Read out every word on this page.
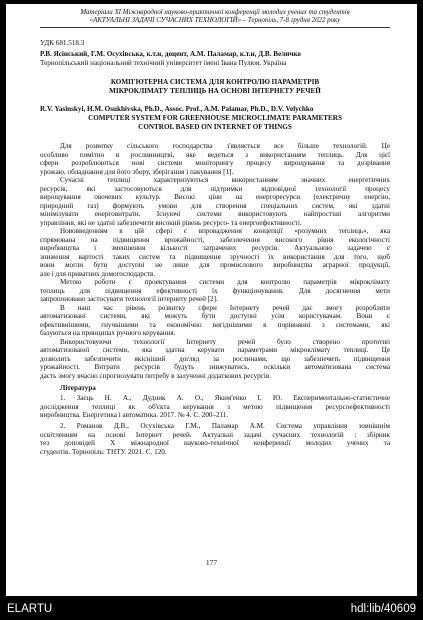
Матеріали XІ Міжнародної науково-практичної конференції молодих учених та студентів
«АКТУАЛЬНІ ЗАДАЧІ СУЧАСНИХ ТЕХНОЛОГІЙ» – Тернопіль, 7-8 грудня 2022 року
УДК 681.518.3
Р.В. Ясінський, Г.М. Осухівська, к.т.н, доцент, А.М. Паламар, к.т.н, Д.В. Величко
Тернопільський національний технічний університет імені Івана Пулюя, Україна
КОМП'ЮТЕРНА СИСТЕМА ДЛЯ КОНТРОЛЮ ПАРАМЕТРІВ
МІКРОКЛІМАТУ ТЕПЛИЦЬ НА ОСНОВІ ІНТЕРНЕТУ РЕЧЕЙ
R.V. Yasinskyi, H.M. Osukhivska, Ph.D., Assoc. Prof., A.M. Palamar, Ph.D., D.V. Velychko
COMPUTER SYSTEM FOR GREENHOUSE MICROCLIMATE PARAMETERS
CONTROL BASED ON INTERNET OF THINGS
Для розвитку сільського господарства з'являється все більше технологій. Це
особливо помітно в рослинництві, яке ведеться з використанням теплиць. Для цієї
сфери розроблюються нові системи моніторингу процесу вирощування та дозрівання
урожаю, обладнання для його збору, зберігання і пакування [1].
Сучасні теплиці характеризуються використанням значних енергетичних
ресурсів, які застосовуються для підтримки відповідної технології процесу
вирощування овочевих культур. Високі ціни на енергоресурси (електричну енергію,
природний газ) формують умови для створення спеціальних систем, які здатні
мінімізувати енерговитрати. Існуючі системи використовують найпростіші алгоритми
управління, які не здатні забезпечити високий рівень ресурсо- та енергоефективності.
Нововведенням в цій сфері є впровадження концепції «розумних теплиць», яка
спрямована на підвищення врожайності, забезпечення високого рівня екологічності
виробництва і зменшення кількості затрачених ресурсів. Актуальною задачею є
зниження вартості таких систем та підвищення зручності їх використання для того, щоб
вони могли бути доступні не лише для промислового виробництва аграрної продукції,
але і для приватних домогосподарств.
Метою роботи є проектування системи для контролю параметрів мікроклімату
теплиць для підвищення ефективності їх функціонування. Для досягнення мети
запропоновано застосувати технології інтернету речей [2].
В наш час рівень розвитку сфери Інтернету речей дає змогу розробляти
автоматизовані системи, які можуть бути доступні усім користувачам. Вони є
ефективнішими, гнучкішими та економічно вигіднішими в порівнянні з системами, які
базуються на принципах ручного керування.
Використовуючи технології Інтернету речей було створено прототип
автоматизованої системи, яка здатна керувати параметрами мікроклімату теплиці. Це
дозволить забезпечити якісніший догляд за рослинами, що забезпечить підвищення
урожайності. Витрати ресурсів будуть знижуватись, оскільки автоматизована система
дасть змогу вчасно спрогнозувати потребу в залученні додаткових ресурсів.
Література
1. Заєць Н. А., Дудник А. О., Яким'енко І. Ю. Експериментально-статистичне
дослідження теплиці як об'єкта керування з метою підвищення ресурсоефективності
виробництва. Енергетика і автоматика. 2017. № 4. С. 200–211.
2. Романов Д.В., Осухівська Г.М., Паламар А.М. Система управління зовнішнім
освітленням на основі Інтернет речей. Актуальні задачі сучасних технологій : збірник
тез доповідей X міжнародної науково-технічної конференції молодих учених та
студентів. Тернопіль: ТНТУ. 2021. С. 120.
177
ELARTU	hdl:lib/40609
